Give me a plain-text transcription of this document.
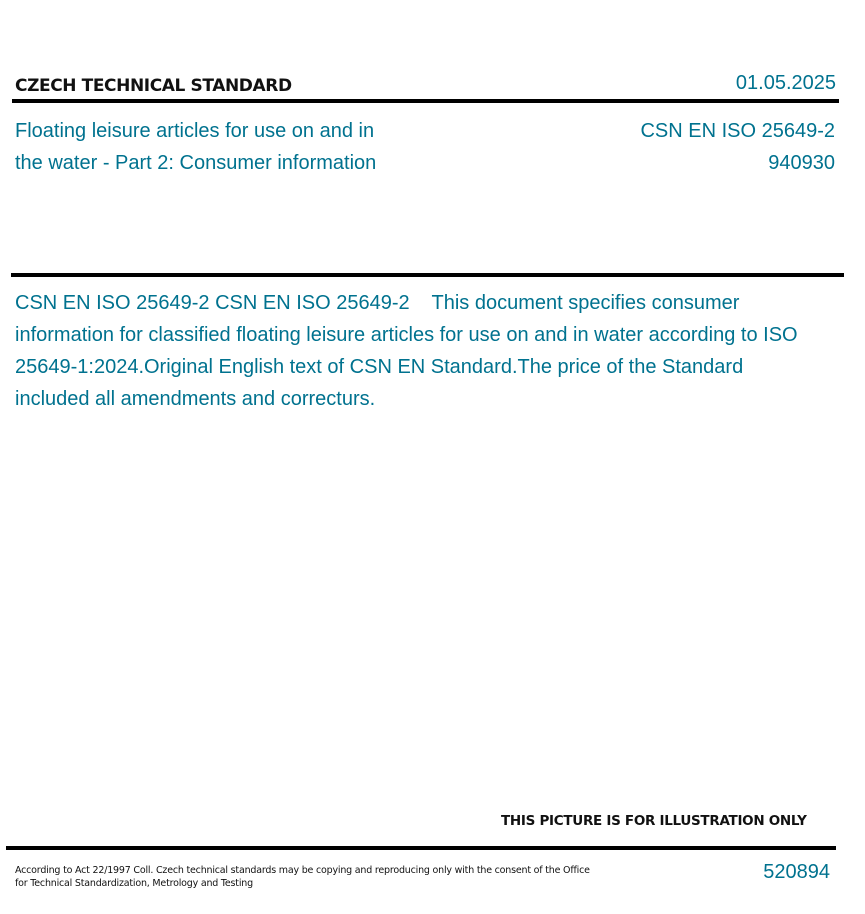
CZECH TECHNICAL STANDARD	01.05.2025
Floating leisure articles for use on and in
the water - Part 2: Consumer information
CSN EN ISO 25649-2
940930
CSN EN ISO 25649-2 CSN EN ISO 25649-2    This document specifies consumer information for classified floating leisure articles for use on and in water according to ISO 25649-1:2024.Original English text of CSN EN Standard.The price of the Standard included all amendments and correcturs.
THIS PICTURE IS FOR ILLUSTRATION ONLY
According to Act 22/1997 Coll. Czech technical standards may be copying and reproducing only with the consent of the Office
for Technical Standardization, Metrology and Testing
520894
